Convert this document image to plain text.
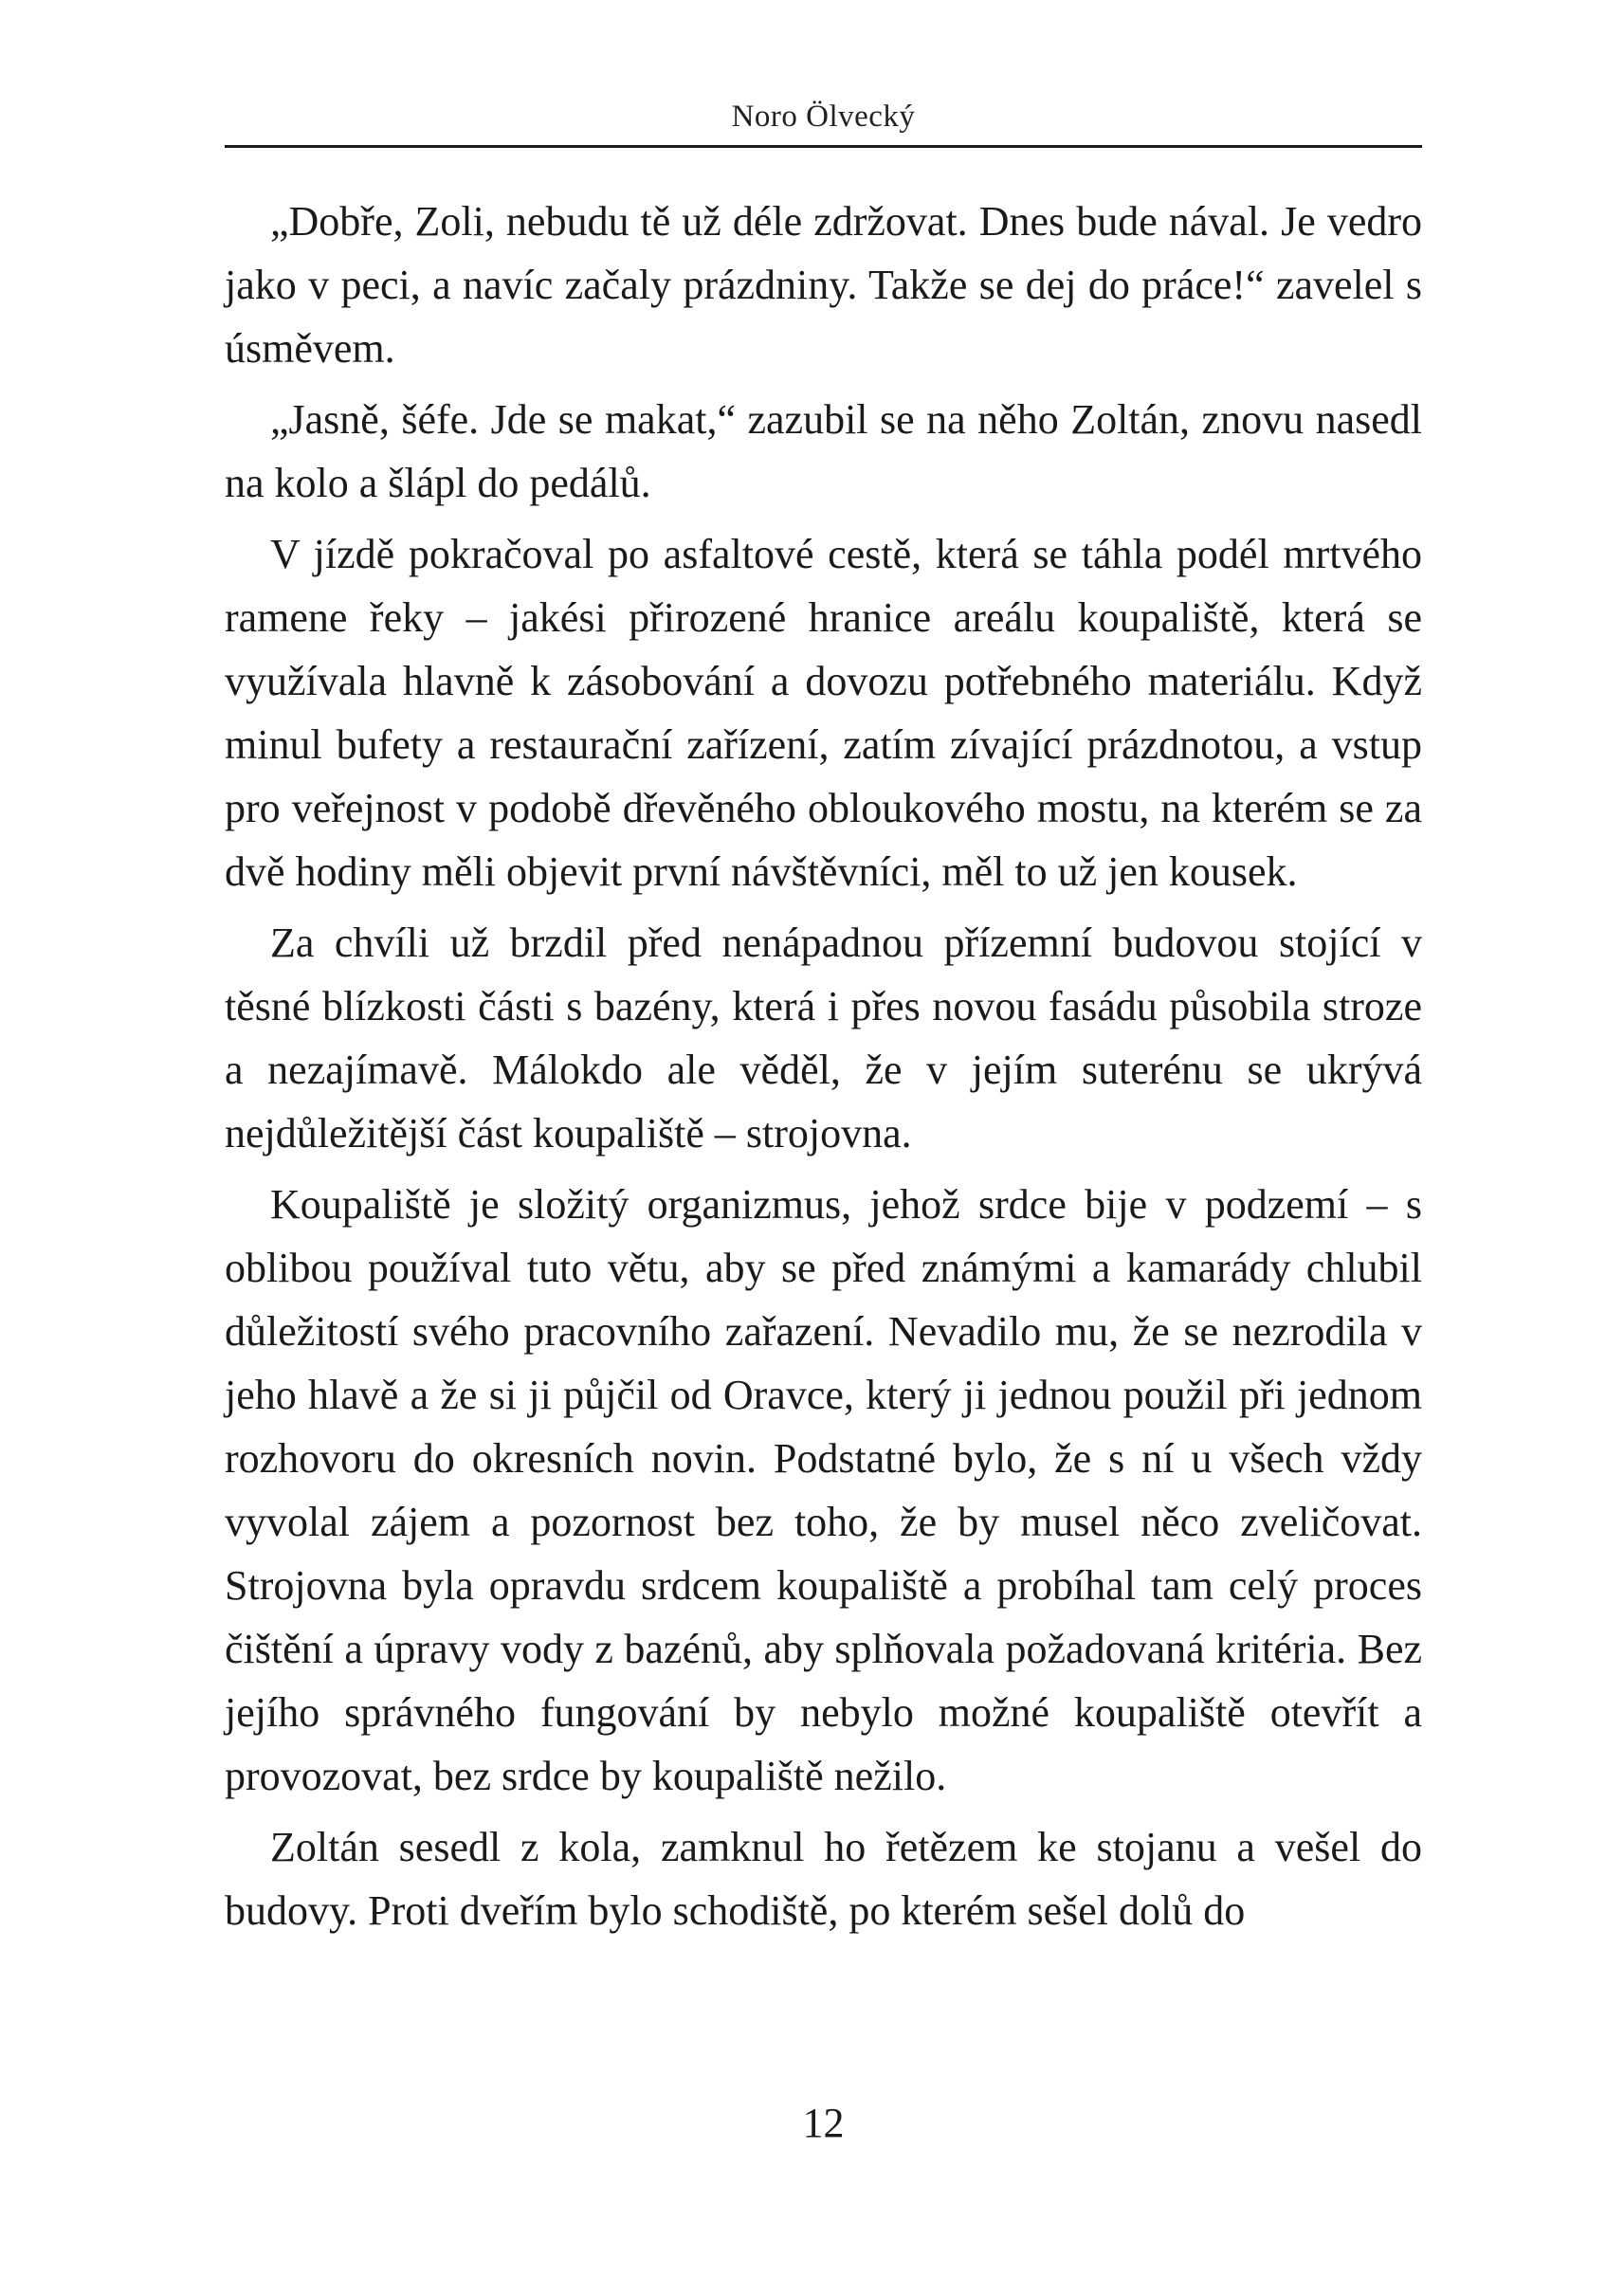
Noro Ölvecký

„Dobře, Zoli, nebudu tě už déle zdržovat. Dnes bude nával. Je vedro jako v peci, a navíc začaly prázdniny. Takže se dej do práce!“ zavelel s úsměvem.

„Jasně, šéfe. Jde se makat,“ zazubil se na něho Zoltán, znovu nasedl na kolo a šlápl do pedálů.

V jízdě pokračoval po asfaltové cestě, která se táhla podél mrtvého ramene řeky – jakési přirozené hranice areálu koupaliště, která se využívala hlavně k zásobování a dovozu potřebného materiálu. Když minul bufety a restaurační zařízení, zatím zívající prázdnotou, a vstup pro veřejnost v podobě dřevěného obloukového mostu, na kterém se za dvě hodiny měli objevit první návštěvníci, měl to už jen kousek.

Za chvíli už brzdil před nenápadnou přízemní budovou stojící v těsné blízkosti části s bazény, která i přes novou fasádu působila stroze a nezajímavě. Málokdo ale věděl, že v jejím suterénu se ukrývá nejdůležitější část koupaliště – strojovna.

Koupaliště je složitý organizmus, jehož srdce bije v podzemí – s oblibou používal tuto větu, aby se před známými a kamarády chlubil důležitostí svého pracovního zařazení. Nevadilo mu, že se nezrodila v jeho hlavě a že si ji půjčil od Oravce, který ji jednou použil při jednom rozhovoru do okresních novin. Podstatné bylo, že s ní u všech vždy vyvolal zájem a pozornost bez toho, že by musel něco zveličovat. Strojovna byla opravdu srdcem koupaliště a probíhal tam celý proces čištění a úpravy vody z bazénů, aby splňovala požadovaná kritéria. Bez jejího správného fungování by nebylo možné koupaliště otevřít a provozovat, bez srdce by koupaliště nežilo.

Zoltán sesedl z kola, zamknul ho řetězem ke stojanu a vešel do budovy. Proti dveřím bylo schodiště, po kterém sešel dolů do

12
